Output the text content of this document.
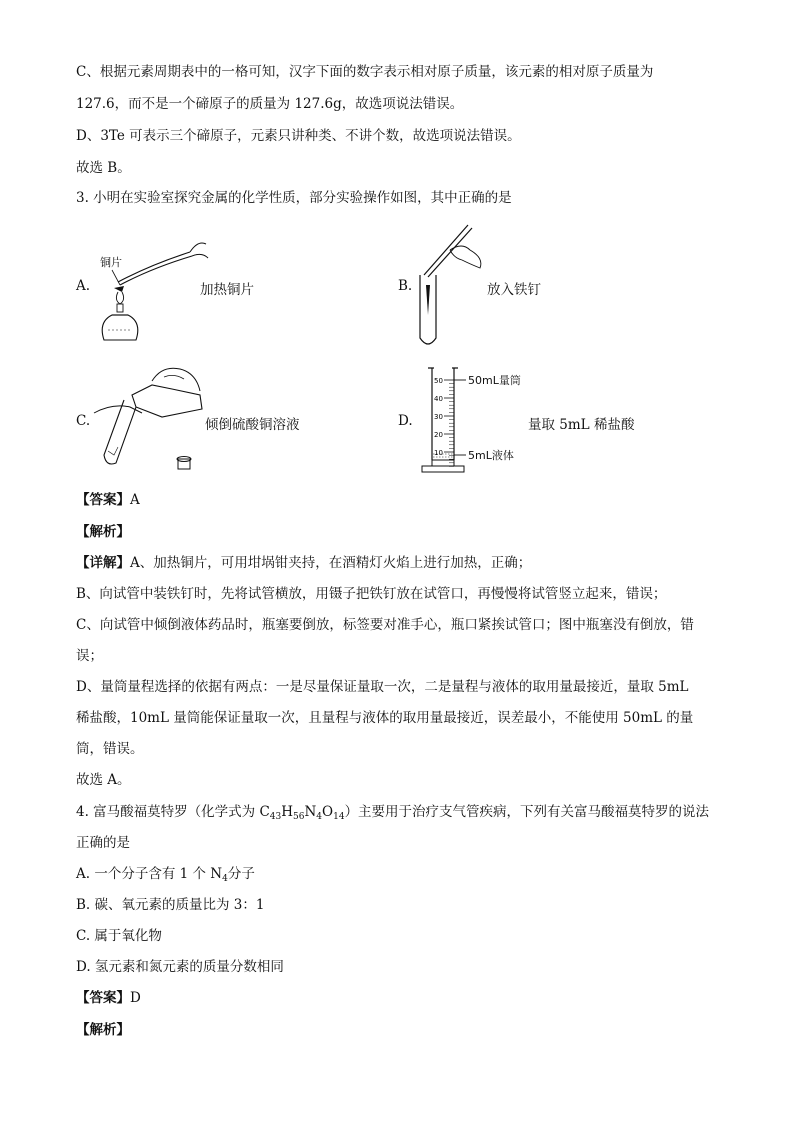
C、根据元素周期表中的一格可知，汉字下面的数字表示相对原子质量，该元素的相对原子质量为
127.6，而不是一个碲原子的质量为 127.6g，故选项说法错误。
D、3Te 可表示三个碲原子，元素只讲种类、不讲个数，故选项说法错误。
故选 B。
3. 小明在实验室探究金属的化学性质，部分实验操作如图，其中正确的是
A.
铜片
加热铜片	B.	放入铁钉
C.	倾倒硫酸铜溶液	D.
50
40
30
20
10
50mL量筒
5mL液体
量取 5mL 稀盐酸
【答案】A
【解析】
【详解】A、加热铜片，可用坩埚钳夹持，在酒精灯火焰上进行加热，正确；
B、向试管中装铁钉时，先将试管横放，用镊子把铁钉放在试管口，再慢慢将试管竖立起来，错误；
C、向试管中倾倒液体药品时，瓶塞要倒放，标签要对准手心，瓶口紧挨试管口；图中瓶塞没有倒放，错
误；
D、量筒量程选择的依据有两点：一是尽量保证量取一次，二是量程与液体的取用量最接近，量取 5mL
稀盐酸，10mL 量筒能保证量取一次，且量程与液体的取用量最接近，误差最小，不能使用 50mL 的量
筒，错误。
故选 A。
4. 富马酸福莫特罗（化学式为 $C_{43}H_{56}N_4O_{14}$）主要用于治疗支气管疾病，下列有关富马酸福莫特罗的说法
正确的是
A. 一个分子含有 1 个 $N_4$分子
B. 碳、氧元素的质量比为 3：1
C. 属于氧化物
D. 氢元素和氮元素的质量分数相同
【答案】D
【解析】
